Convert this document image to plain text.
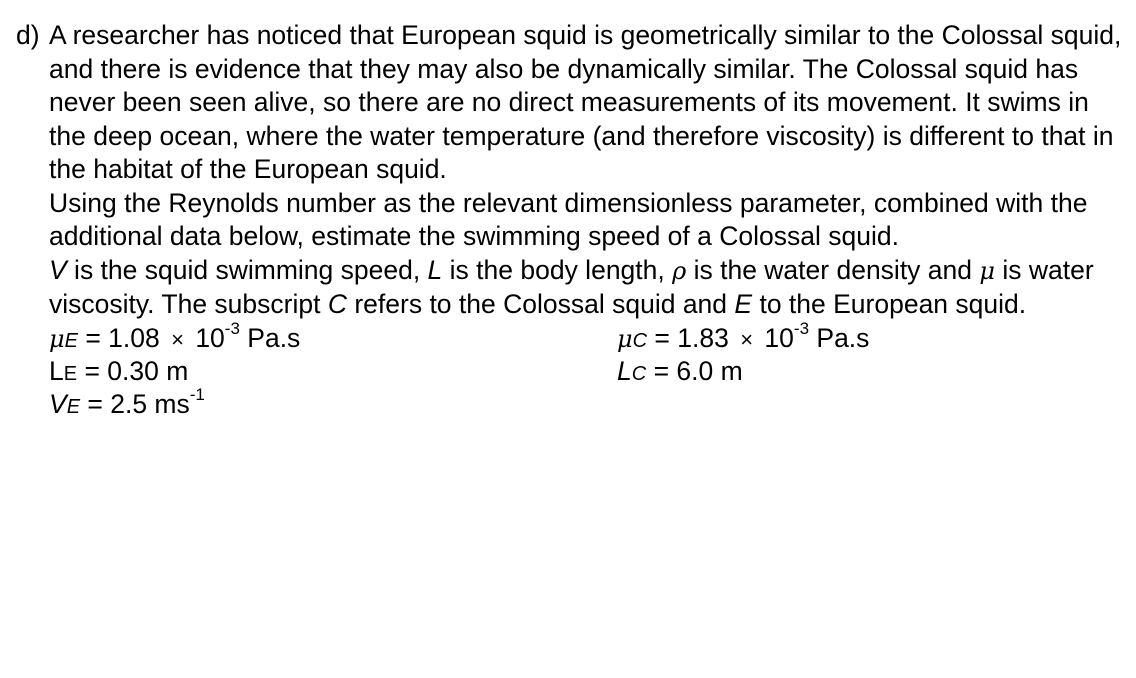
d) A researcher has noticed that European squid is geometrically similar to the Colossal squid, and there is evidence that they may also be dynamically similar. The Colossal squid has never been seen alive, so there are no direct measurements of its movement. It swims in the deep ocean, where the water temperature (and therefore viscosity) is different to that in the habitat of the European squid.

Using the Reynolds number as the relevant dimensionless parameter, combined with the additional data below, estimate the swimming speed of a Colossal squid.

V is the squid swimming speed, L is the body length, ρ is the water density and μ is water viscosity. The subscript C refers to the Colossal squid and E to the European squid.

$\mu E = 1.08 \times 10^{-3}$ Pa.s
LE = 0.30 m
VE = 2.5 $ms^{-1}$
$\mu C = 1.83 \times 10^{-3}$ Pa.s
LC = 6.0 m
